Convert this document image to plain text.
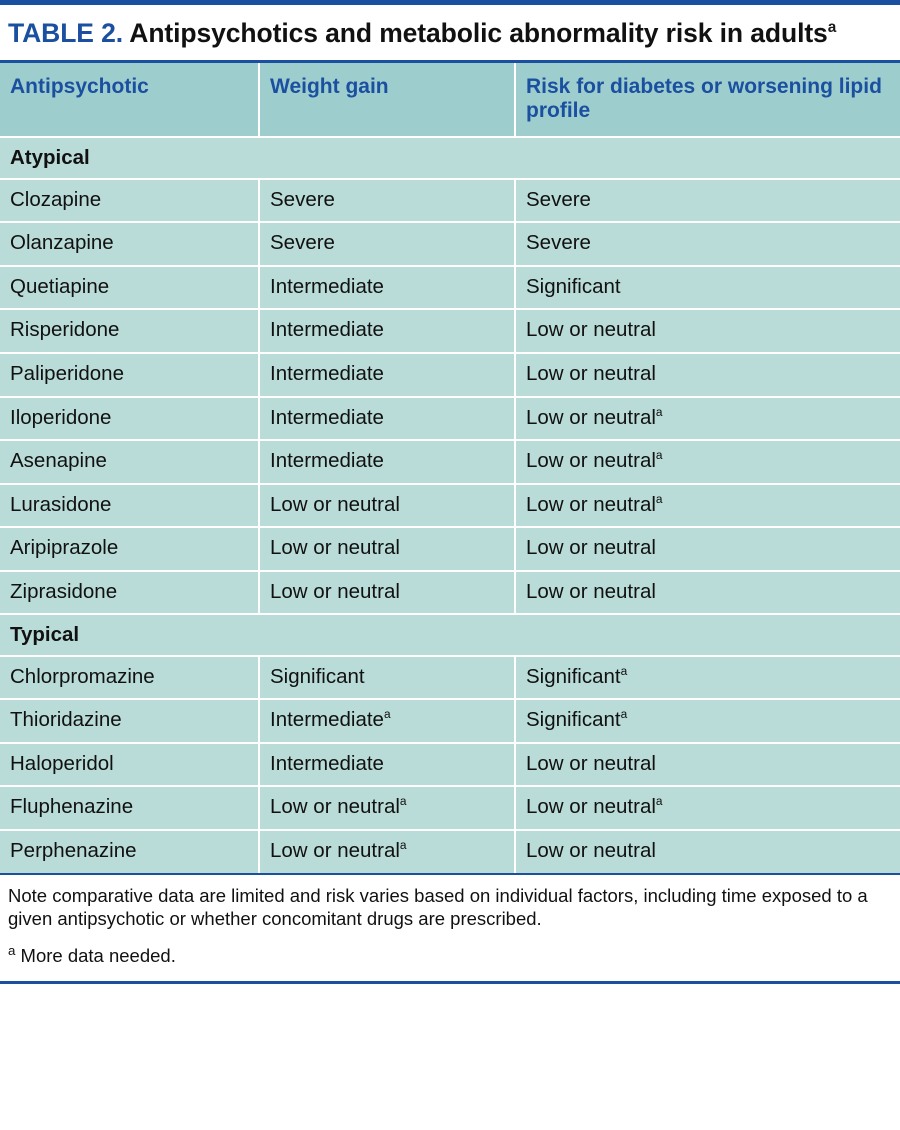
TABLE 2. Antipsychotics and metabolic abnormality risk in adults$^a$
Antipsychotic	Weight gain	Risk for diabetes or worsening lipid profile
Atypical		
Clozapine	Severe	Severe
Olanzapine	Severe	Severe
Quetiapine	Intermediate	Significant
Risperidone	Intermediate	Low or neutral
Paliperidone	Intermediate	Low or neutral
Iloperidone	Intermediate	Low or neutral$^a$
Asenapine	Intermediate	Low or neutral$^a$
Lurasidone	Low or neutral	Low or neutral$^a$
Aripiprazole	Low or neutral	Low or neutral
Ziprasidone	Low or neutral	Low or neutral
Typical		
Chlorpromazine	Significant	Significant$^a$
Thioridazine	Intermediate$^a$	Significant$^a$
Haloperidol	Intermediate	Low or neutral
Fluphenazine	Low or neutral$^a$	Low or neutral$^a$
Perphenazine	Low or neutral$^a$	Low or neutral

Note comparative data are limited and risk varies based on individual factors, including time exposed to a given antipsychotic or whether concomitant drugs are prescribed.

$^a$ More data needed.
